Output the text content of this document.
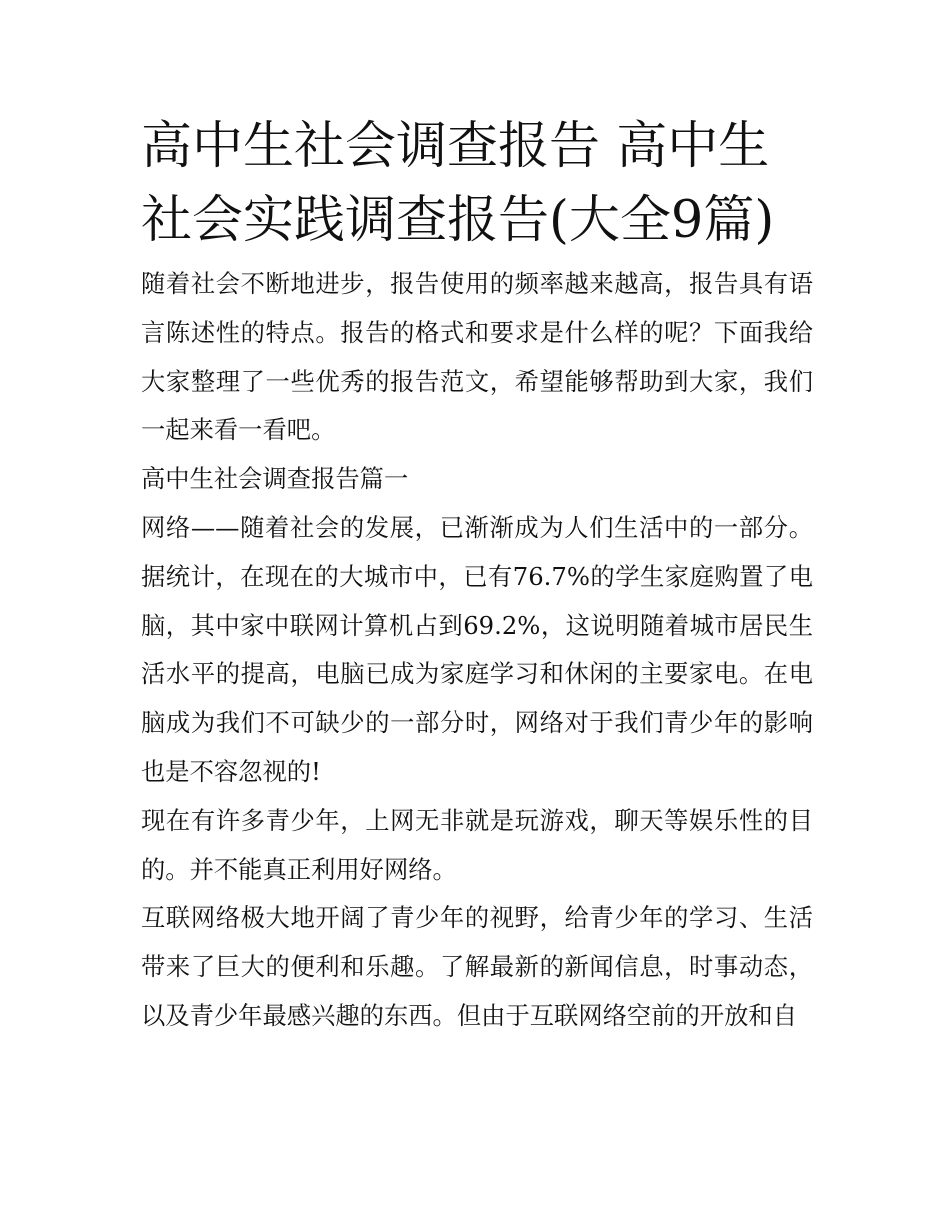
高中生社会调查报告 高中生社会实践调查报告(大全9篇)

随着社会不断地进步，报告使用的频率越来越高，报告具有语言陈述性的特点。报告的格式和要求是什么样的呢？下面我给大家整理了一些优秀的报告范文，希望能够帮助到大家，我们一起来看一看吧。

高中生社会调查报告篇一

网络——随着社会的发展，已渐渐成为人们生活中的一部分。据统计，在现在的大城市中，已有76.7%的学生家庭购置了电脑，其中家中联网计算机占到69.2%，这说明随着城市居民生活水平的提高，电脑已成为家庭学习和休闲的主要家电。在电脑成为我们不可缺少的一部分时，网络对于我们青少年的影响也是不容忽视的!

现在有许多青少年，上网无非就是玩游戏，聊天等娱乐性的目的。并不能真正利用好网络。

互联网络极大地开阔了青少年的视野，给青少年的学习、生活带来了巨大的便利和乐趣。了解最新的新闻信息，时事动态，以及青少年最感兴趣的东西。但由于互联网络空前的开放和自
